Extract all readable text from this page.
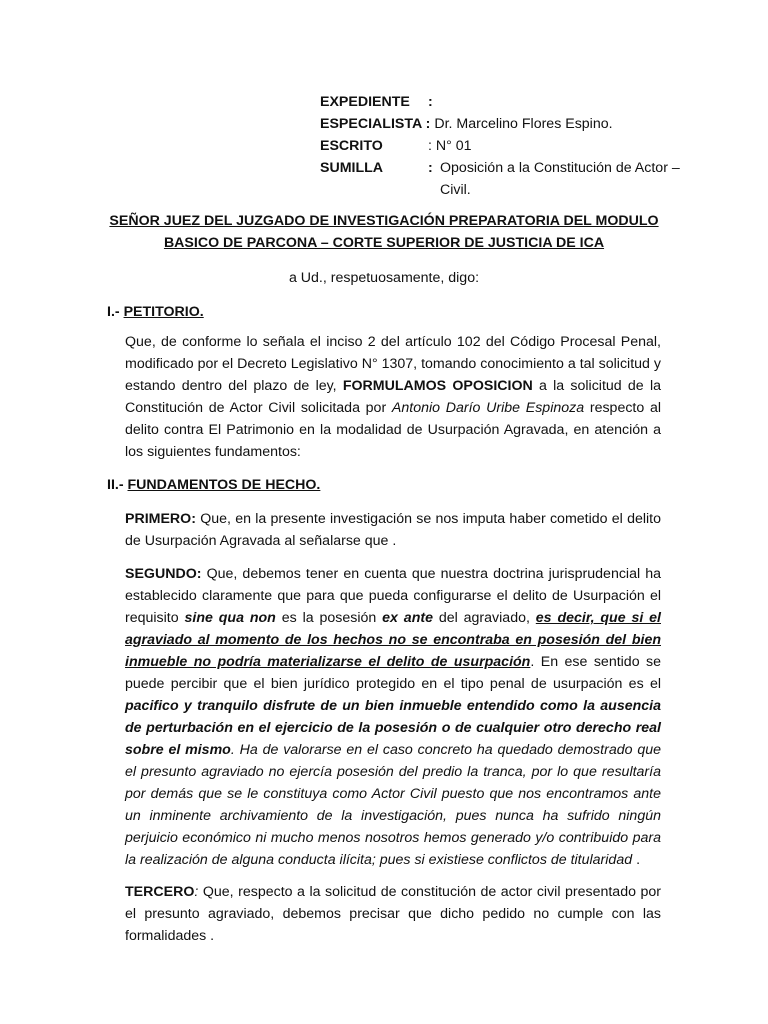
EXPEDIENTE	:
ESPECIALISTA : Dr. Marcelino Flores Espino.
ESCRITO	: N° 01
SUMILLA	: Oposición a la Constitución de Actor – Civil.
SEÑOR JUEZ DEL JUZGADO DE INVESTIGACIÓN PREPARATORIA DEL MODULO
BASICO DE PARCONA – CORTE SUPERIOR DE JUSTICIA DE ICA
a Ud., respetuosamente, digo:
I.- PETITORIO.
Que, de conforme lo señala el inciso 2 del artículo 102 del Código Procesal Penal, modificado por el Decreto Legislativo N° 1307, tomando conocimiento a tal solicitud y estando dentro del plazo de ley, FORMULAMOS OPOSICION a la solicitud de la Constitución de Actor Civil solicitada por Antonio Darío Uribe Espinoza respecto al delito contra El Patrimonio en la modalidad de Usurpación Agravada, en atención a los siguientes fundamentos:
II.- FUNDAMENTOS DE HECHO.
PRIMERO: Que, en la presente investigación se nos imputa haber cometido el delito de Usurpación Agravada al señalarse que .
SEGUNDO: Que, debemos tener en cuenta que nuestra doctrina jurisprudencial ha establecido claramente que para que pueda configurarse el delito de Usurpación el requisito sine qua non es la posesión ex ante del agraviado, es decir, que si el agraviado al momento de los hechos no se encontraba en posesión del bien inmueble no podría materializarse el delito de usurpación. En ese sentido se puede percibir que el bien jurídico protegido en el tipo penal de usurpación es el pacifico y tranquilo disfrute de un bien inmueble entendido como la ausencia de perturbación en el ejercicio de la posesión o de cualquier otro derecho real sobre el mismo. Ha de valorarse en el caso concreto ha quedado demostrado que el presunto agraviado no ejercía posesión del predio la tranca, por lo que resultaría por demás que se le constituya como Actor Civil puesto que nos encontramos ante un inminente archivamiento de la investigación, pues nunca ha sufrido ningún perjuicio económico ni mucho menos nosotros hemos generado y/o contribuido para la realización de alguna conducta ilícita; pues si existiese conflictos de titularidad .
TERCERO: Que, respecto a la solicitud de constitución de actor civil presentado por el presunto agraviado, debemos precisar que dicho pedido no cumple con las formalidades .
